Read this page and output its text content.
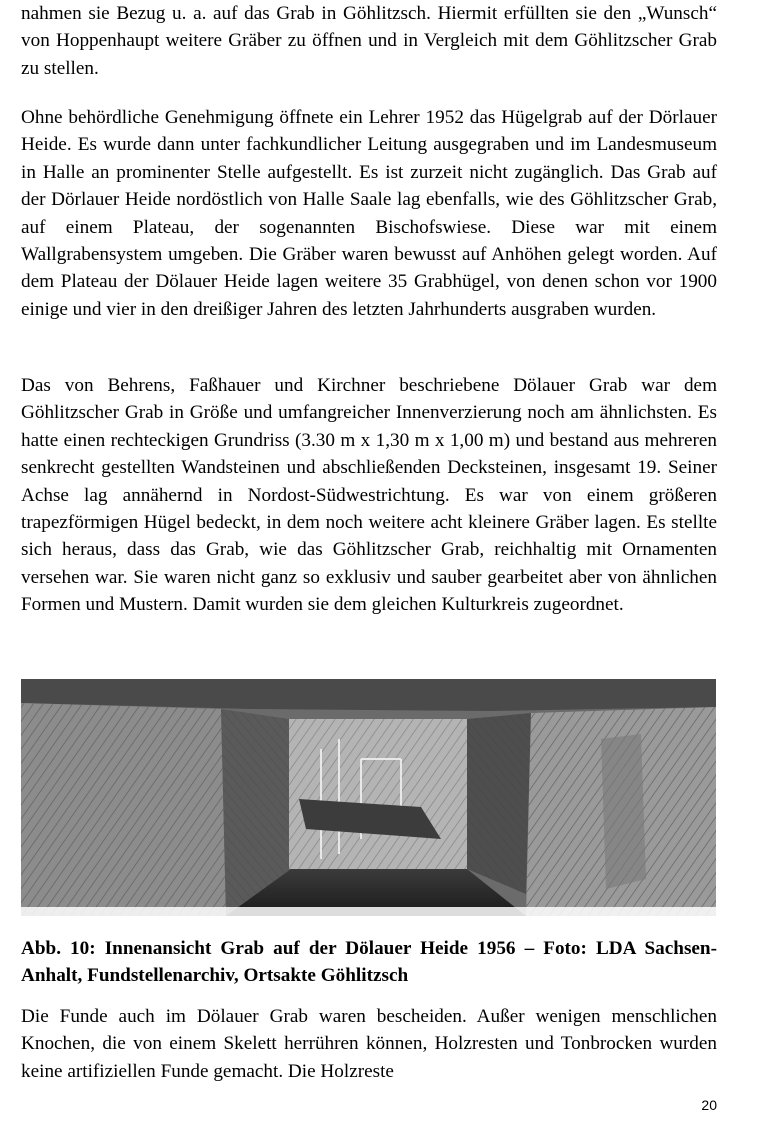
nahmen sie Bezug u. a. auf das Grab in Göhlitzsch. Hiermit erfüllten sie den „Wunsch“ von Hoppenhaupt weitere Gräber zu öffnen und in Vergleich mit dem Göhlitzscher Grab zu stellen.

Ohne behördliche Genehmigung öffnete ein Lehrer 1952 das Hügelgrab auf der Dörlauer Heide. Es wurde dann unter fachkundlicher Leitung ausgegraben und im Landesmuseum in Halle an prominenter Stelle aufgestellt. Es ist zurzeit nicht zugänglich. Das Grab auf der Dörlauer Heide nordöstlich von Halle Saale lag ebenfalls, wie des Göhlitzscher Grab, auf einem Plateau, der sogenannten Bischofswiese. Diese war mit einem Wallgrabensystem umgeben. Die Gräber waren bewusst auf Anhöhen gelegt worden. Auf dem Plateau der Dölauer Heide lagen weitere 35 Grabhügel, von denen schon vor 1900 einige und vier in den dreißiger Jahren des letzten Jahrhunderts ausgraben wurden.

Das von Behrens, Faßhauer und Kirchner beschriebene Dölauer Grab war dem Göhlitzscher Grab in Größe und umfangreicher Innenverzierung noch am ähnlichsten. Es hatte einen rechteckigen Grundriss (3.30 m x 1,30 m x 1,00 m) und bestand aus mehreren senkrecht gestellten Wandsteinen und abschließenden Decksteinen, insgesamt 19. Seiner Achse lag annähernd in Nordost-Südwestrichtung. Es war von einem größeren trapezförmigen Hügel bedeckt, in dem noch weitere acht kleinere Gräber lagen. Es stellte sich heraus, dass das Grab, wie das Göhlitzscher Grab, reichhaltig mit Ornamenten versehen war. Sie waren nicht ganz so exklusiv und sauber gearbeitet aber von ähnlichen Formen und Mustern. Damit wurden sie dem gleichen Kulturkreis zugeordnet.

Abb. 10: Innenansicht Grab auf der Dölauer Heide 1956 – Foto: LDA Sachsen-Anhalt, Fundstellenarchiv, Ortsakte Göhlitzsch

Die Funde auch im Dölauer Grab waren bescheiden. Außer wenigen menschlichen Knochen, die von einem Skelett herrühren können, Holzresten und Tonbrocken wurden keine artifiziellen Funde gemacht. Die Holzreste

20
